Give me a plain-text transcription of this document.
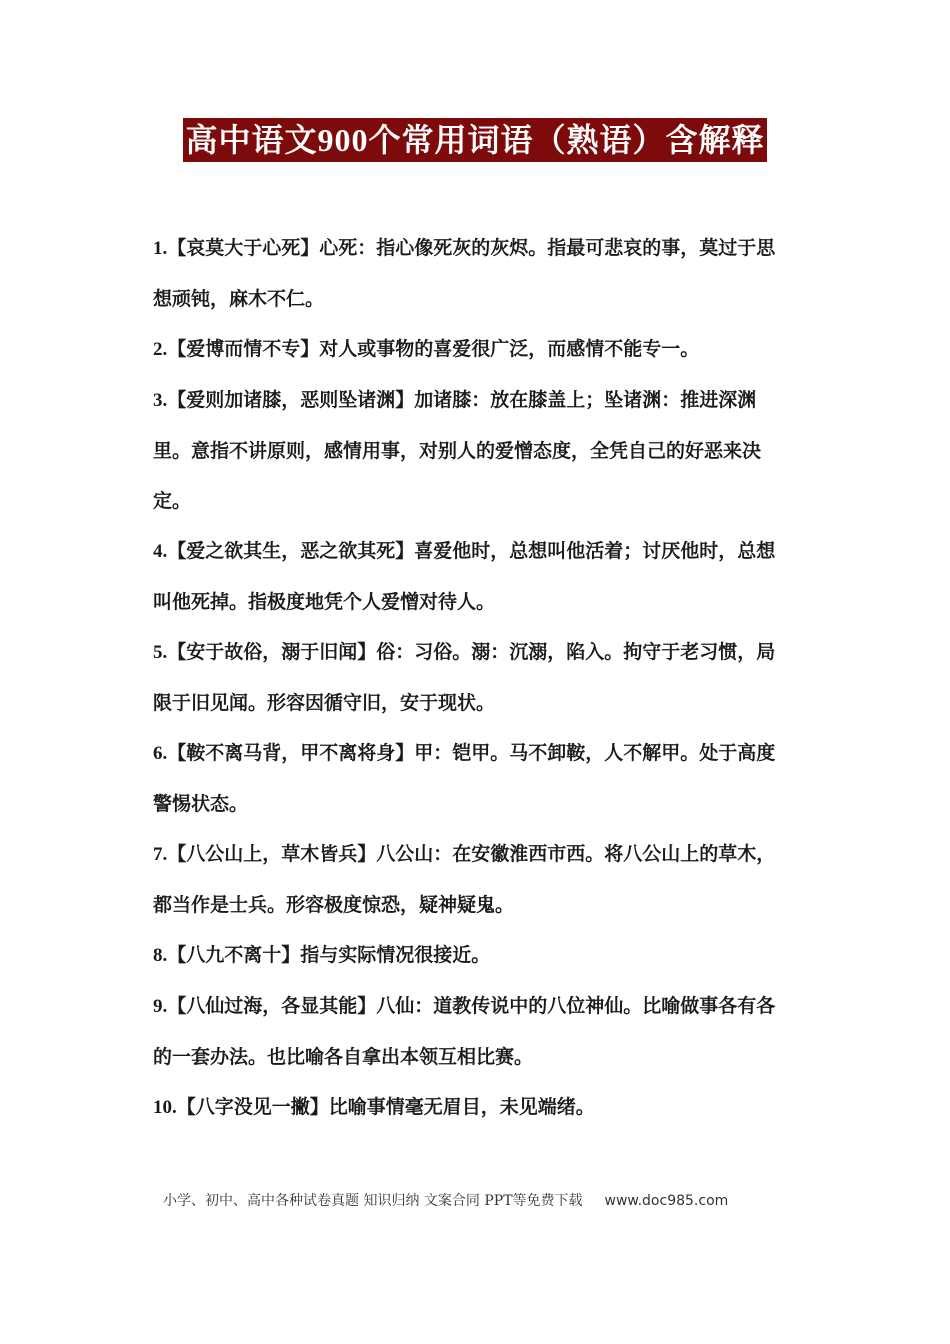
高中语文900个常用词语（熟语）含解释

1.【哀莫大于心死】心死：指心像死灰的灰烬。指最可悲哀的事，莫过于思想顽钝，麻木不仁。

2.【爱博而情不专】对人或事物的喜爱很广泛，而感情不能专一。

3.【爱则加诸膝，恶则坠诸渊】加诸膝：放在膝盖上；坠诸渊：推进深渊里。意指不讲原则，感情用事，对别人的爱憎态度，全凭自己的好恶来决定。

4.【爱之欲其生，恶之欲其死】喜爱他时，总想叫他活着；讨厌他时，总想叫他死掉。指极度地凭个人爱憎对待人。

5.【安于故俗，溺于旧闻】俗：习俗。溺：沉溺，陷入。拘守于老习惯，局限于旧见闻。形容因循守旧，安于现状。

6.【鞍不离马背，甲不离将身】甲：铠甲。马不卸鞍，人不解甲。处于高度警惕状态。

7.【八公山上，草木皆兵】八公山：在安徽淮西市西。将八公山上的草木，都当作是士兵。形容极度惊恐，疑神疑鬼。

8.【八九不离十】指与实际情况很接近。

9.【八仙过海，各显其能】八仙：道教传说中的八位神仙。比喻做事各有各的一套办法。也比喻各自拿出本领互相比赛。

10.【八字没见一撇】比喻事情毫无眉目，未见端绪。

小学、初中、高中各种试卷真题 知识归纳 文案合同 PPT等免费下载 www.doc985.com
